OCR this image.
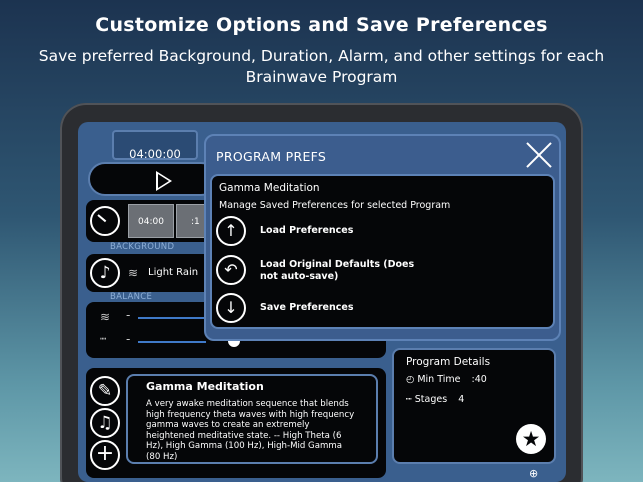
Customize Options and Save Preferences
Save preferred Background, Duration, Alarm, and other settings for each Brainwave Program
04:00:00
04:00	:1
BACKGROUND
♪	≋ Light Rain
BALANCE
≋ -
┉ -
✎
♫
+
Gamma Meditation
A very awake meditation sequence that blends high frequency theta waves with high frequency gamma waves to create an extremely heightened meditative state. -- High Theta (6 Hz), High Gamma (100 Hz), High-Mid Gamma (80 Hz)
Program Details
◴ Min Time :40
┉ Stages 4
★
⊕
PROGRAM PREFS
Gamma Meditation
Manage Saved Preferences for selected Program
↑	Load Preferences
↶	Load Original Defaults (Does not auto-save)
↓	Save Preferences
